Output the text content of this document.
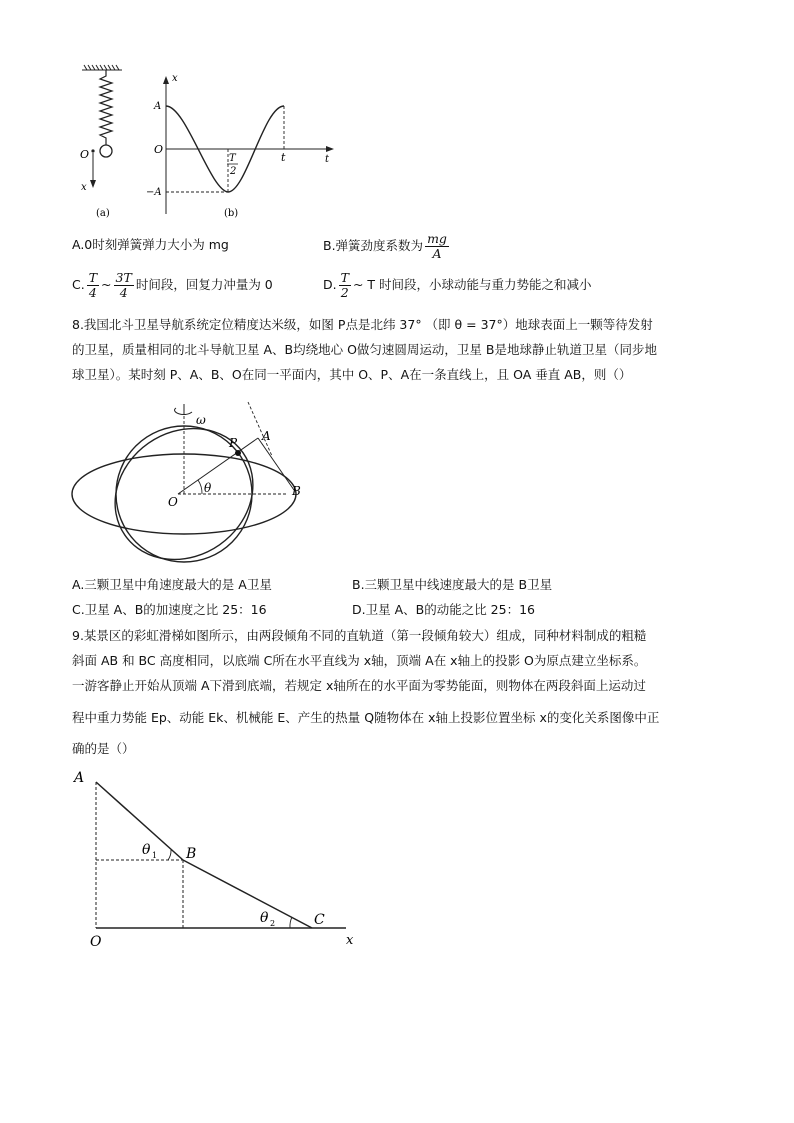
O
x
(a)
x
A
O
−A
T
2
t	t
(b)
A.0时刻弹簧弹力大小为 mg	B.弹簧劲度系数为 $\frac{mg}{A}$
C. $\frac{T}{4}$ ~ $\frac{3T}{4}$ 时间段，回复力冲量为 0	D. $\frac{T}{2}$ ~ T 时间段，小球动能与重力势能之和减小
8.我国北斗卫星导航系统定位精度达米级，如图 P点是北纬 37° （即 θ = 37°）地球表面上一颗等待发射
的卫星，质量相同的北斗导航卫星 A、B均绕地心 O做匀速圆周运动，卫星 B是地球静止轨道卫星（同步地
球卫星）。某时刻 P、A、B、O在同一平面内，其中 O、P、A在一条直线上，且 OA 垂直 AB，则（）
ω
P A
O
θ	B
A.三颗卫星中角速度最大的是 A卫星	B.三颗卫星中线速度最大的是 B卫星
C.卫星 A、B的加速度之比 25：16	D.卫星 A、B的动能之比 25：16
9.某景区的彩虹滑梯如图所示，由两段倾角不同的直轨道（第一段倾角较大）组成，同种材料制成的粗糙
斜面 AB 和 BC 高度相同，以底端 C所在水平直线为 x轴，顶端 A在 x轴上的投影 O为原点建立坐标系。
一游客静止开始从顶端 A下滑到底端，若规定 x轴所在的水平面为零势能面，则物体在两段斜面上运动过
程中重力势能 Ep、动能 Ek、机械能 E、产生的热量 Q随物体在 x轴上投影位置坐标 x的变化关系图像中正
确的是（）
A
B
C
O	x
θ 1
θ 2
